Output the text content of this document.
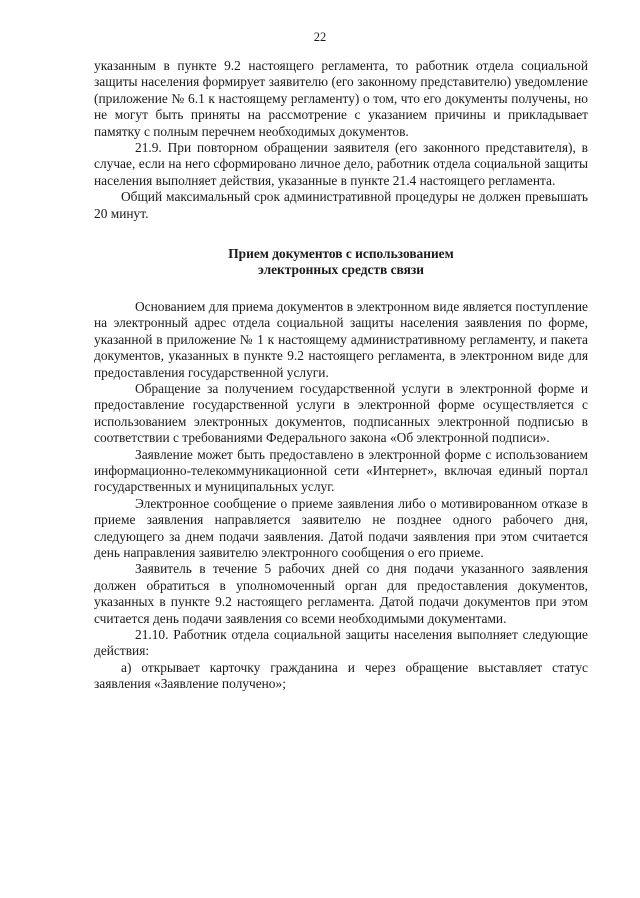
22

указанным в пункте 9.2 настоящего регламента, то работник отдела социальной защиты населения формирует заявителю (его законному представителю) уведомление (приложение № 6.1 к настоящему регламенту) о том, что его документы получены, но не могут быть приняты на рассмотрение с указанием причины и прикладывает памятку с полным перечнем необходимых документов.

21.9. При повторном обращении заявителя (его законного представителя), в случае, если на него сформировано личное дело, работник отдела социальной защиты населения выполняет действия, указанные в пункте 21.4 настоящего регламента.

Общий максимальный срок административной процедуры не должен превышать 20 минут.

Прием документов с использованием

электронных средств связи

Основанием для приема документов в электронном виде является поступление на электронный адрес отдела социальной защиты населения заявления по форме, указанной в приложение № 1 к настоящему административному регламенту, и пакета документов, указанных в пункте 9.2 настоящего регламента, в электронном виде для предоставления государственной услуги.

Обращение за получением государственной услуги в электронной форме и предоставление государственной услуги в электронной форме осуществляется с использованием электронных документов, подписанных электронной подписью в соответствии с требованиями Федерального закона «Об электронной подписи».

Заявление может быть предоставлено в электронной форме с использованием информационно-телекоммуникационной сети «Интернет», включая единый портал государственных и муниципальных услуг.

Электронное сообщение о приеме заявления либо о мотивированном отказе в приеме заявления направляется заявителю не позднее одного рабочего дня, следующего за днем подачи заявления. Датой подачи заявления при этом считается день направления заявителю электронного сообщения о его приеме.

Заявитель в течение 5 рабочих дней со дня подачи указанного заявления должен обратиться в уполномоченный орган для предоставления документов, указанных в пункте 9.2 настоящего регламента. Датой подачи документов при этом считается день подачи заявления со всеми необходимыми документами.

21.10. Работник отдела социальной защиты населения выполняет следующие действия:

а) открывает карточку гражданина и через обращение выставляет статус заявления «Заявление получено»;
